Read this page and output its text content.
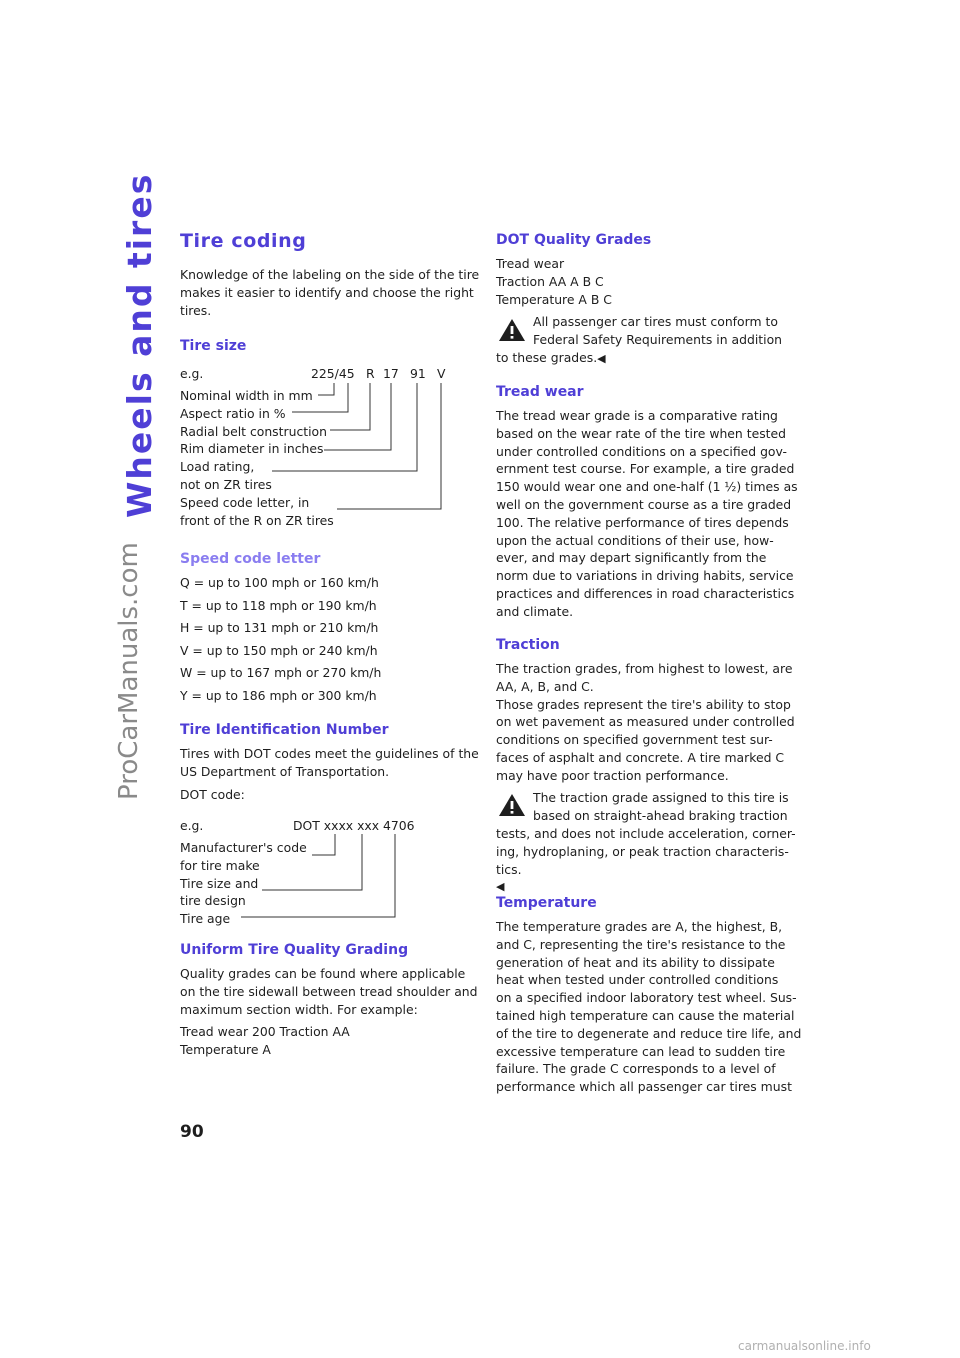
Wheels and tires
ProCarManuals.com
Tire coding
Knowledge of the labeling on the side of the tire
makes it easier to identify and choose the right
tires.
Tire size
e.g.	225/45 R 17 91 V
Nominal width in mm
Aspect ratio in %
Radial belt construction
Rim diameter in inches
Load rating,
not on ZR tires
Speed code letter, in
front of the R on ZR tires
Speed code letter
Q = up to 100 mph or 160 km/h
T = up to 118 mph or 190 km/h
H = up to 131 mph or 210 km/h
V = up to 150 mph or 240 km/h
W = up to 167 mph or 270 km/h
Y = up to 186 mph or 300 km/h
Tire Identification Number
Tires with DOT codes meet the guidelines of the
US Department of Transportation.
DOT code:
e.g.	DOT xxxx xxx 4706
Manufacturer's code
for tire make
Tire size and
tire design
Tire age
Uniform Tire Quality Grading
Quality grades can be found where applicable
on the tire sidewall between tread shoulder and
maximum section width. For example:
Tread wear 200 Traction AA
Temperature A
DOT Quality Grades
Tread wear
Traction AA A B C
Temperature A B C
All passenger car tires must conform to
Federal Safety Requirements in addition
to these grades.◀
Tread wear
The tread wear grade is a comparative rating
based on the wear rate of the tire when tested
under controlled conditions on a specified gov-
ernment test course. For example, a tire graded
150 would wear one and one-half (1 ½) times as
well on the government course as a tire graded
100. The relative performance of tires depends
upon the actual conditions of their use, how-
ever, and may depart significantly from the
norm due to variations in driving habits, service
practices and differences in road characteristics
and climate.
Traction
The traction grades, from highest to lowest, are
AA, A, B, and C.
Those grades represent the tire's ability to stop
on wet pavement as measured under controlled
conditions on specified government test sur-
faces of asphalt and concrete. A tire marked C
may have poor traction performance.
The traction grade assigned to this tire is
based on straight-ahead braking traction
tests, and does not include acceleration, corner-
ing, hydroplaning, or peak traction characteris-
tics.
◀
Temperature
The temperature grades are A, the highest, B,
and C, representing the tire's resistance to the
generation of heat and its ability to dissipate
heat when tested under controlled conditions
on a specified indoor laboratory test wheel. Sus-
tained high temperature can cause the material
of the tire to degenerate and reduce tire life, and
excessive temperature can lead to sudden tire
failure. The grade C corresponds to a level of
performance which all passenger car tires must
90
carmanualsonline.info
